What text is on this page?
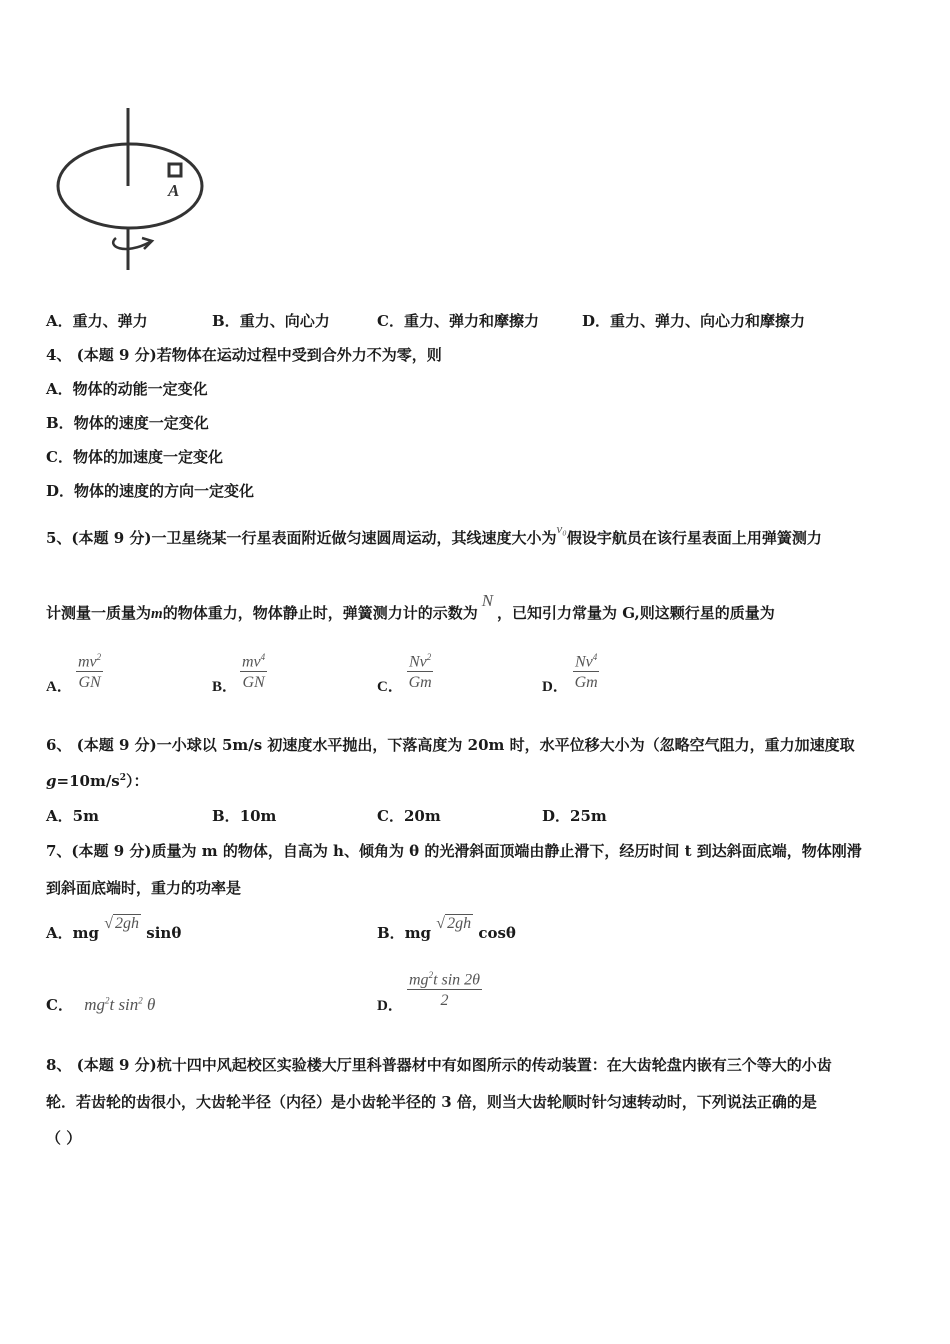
A
A．重力、弹力	B．重力、向心力	C．重力、弹力和摩擦力	D．重力、弹力、向心力和摩擦力
4、 (本题 9 分)若物体在运动过程中受到合外力不为零，则
A．物体的动能一定变化
B．物体的速度一定变化
C．物体的加速度一定变化
D．物体的速度的方向一定变化
5、(本题 9 分)一卫星绕某一行星表面附近做匀速圆周运动，其线速度大小为v₀假设宇航员在该行星表面上用弹簧测力
计测量一质量为m的物体重力，物体静止时，弹簧测力计的示数为N，已知引力常量为 G,则这颗行星的质量为
A． $\frac{mv^2}{GN}$	B． $\frac{mv^4}{GN}$	C． $\frac{Nv^2}{Gm}$	D． $\frac{Nv^4}{Gm}$
6、 (本题 9 分)一小球以 5m/s 初速度水平抛出，下落高度为 20m 时，水平位移大小为（忽略空气阻力，重力加速度取
$g=10m/s^2$）：
A．5m	B．10m	C．20m	D．25m
7、(本题 9 分)质量为 m 的物体，自高为 h、倾角为 θ 的光滑斜面顶端由静止滑下，经历时间 t 到达斜面底端，物体刚滑
到斜面底端时，重力的功率是
A．mg √ 2gh sinθ	B．mg √ 2gh cosθ
C． $mg^2t$ $\sin^2 \theta$	D． $\frac{mg^2t \sin 2\theta}{2}$
8、 (本题 9 分)杭十四中风起校区实验楼大厅里科普器材中有如图所示的传动装置：在大齿轮盘内嵌有三个等大的小齿
轮．若齿轮的齿很小，大齿轮半径（内径）是小齿轮半径的 3 倍，则当大齿轮顺时针匀速转动时，下列说法正确的是
（ ）
